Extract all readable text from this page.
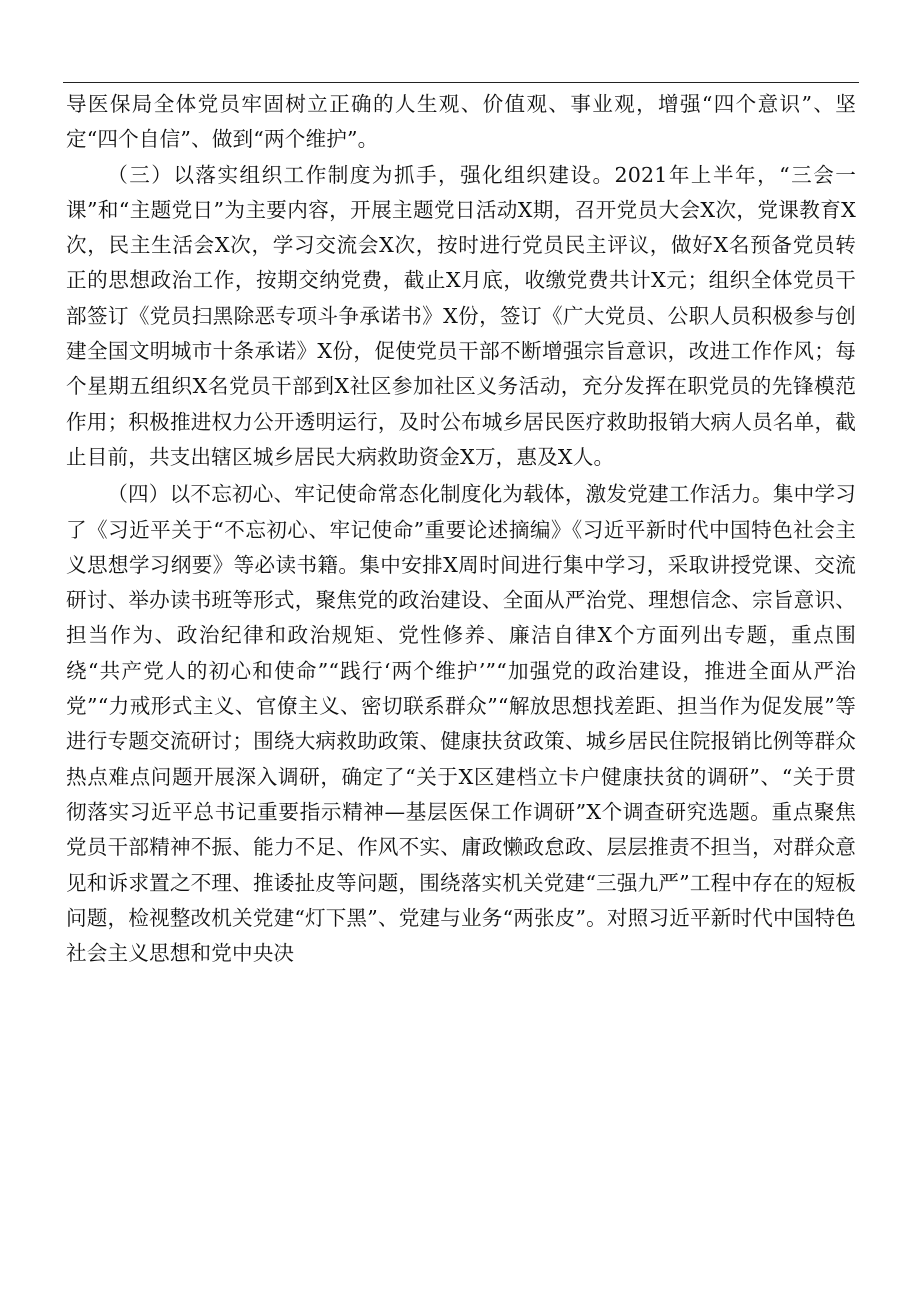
导医保局全体党员牢固树立正确的人生观、价值观、事业观，增强“四个意识”、坚定“四个自信”、做到“两个维护”。

（三）以落实组织工作制度为抓手，强化组织建设。2021年上半年，“三会一课”和“主题党日”为主要内容，开展主题党日活动X期，召开党员大会X次，党课教育X次，民主生活会X次，学习交流会X次，按时进行党员民主评议，做好X名预备党员转正的思想政治工作，按期交纳党费，截止X月底，收缴党费共计X元；组织全体党员干部签订《党员扫黑除恶专项斗争承诺书》X份，签订《广大党员、公职人员积极参与创建全国文明城市十条承诺》X份，促使党员干部不断增强宗旨意识，改进工作作风；每个星期五组织X名党员干部到X社区参加社区义务活动，充分发挥在职党员的先锋模范作用；积极推进权力公开透明运行，及时公布城乡居民医疗救助报销大病人员名单，截止目前，共支出辖区城乡居民大病救助资金X万，惠及X人。

（四）以不忘初心、牢记使命常态化制度化为载体，激发党建工作活力。集中学习了《习近平关于“不忘初心、牢记使命”重要论述摘编》《习近平新时代中国特色社会主义思想学习纲要》等必读书籍。集中安排X周时间进行集中学习，采取讲授党课、交流研讨、举办读书班等形式，聚焦党的政治建设、全面从严治党、理想信念、宗旨意识、担当作为、政治纪律和政治规矩、党性修养、廉洁自律X个方面列出专题，重点围绕“共产党人的初心和使命”“践行‘两个维护’”“加强党的政治建设，推进全面从严治党”“力戒形式主义、官僚主义、密切联系群众”“解放思想找差距、担当作为促发展”等进行专题交流研讨；围绕大病救助政策、健康扶贫政策、城乡居民住院报销比例等群众热点难点问题开展深入调研，确定了“关于X区建档立卡户健康扶贫的调研”、“关于贯彻落实习近平总书记重要指示精神—基层医保工作调研”X个调查研究选题。重点聚焦党员干部精神不振、能力不足、作风不实、庸政懒政怠政、层层推责不担当，对群众意见和诉求置之不理、推诿扯皮等问题，围绕落实机关党建“三强九严”工程中存在的短板问题，检视整改机关党建“灯下黑”、党建与业务“两张皮”。对照习近平新时代中国特色社会主义思想和党中央决
